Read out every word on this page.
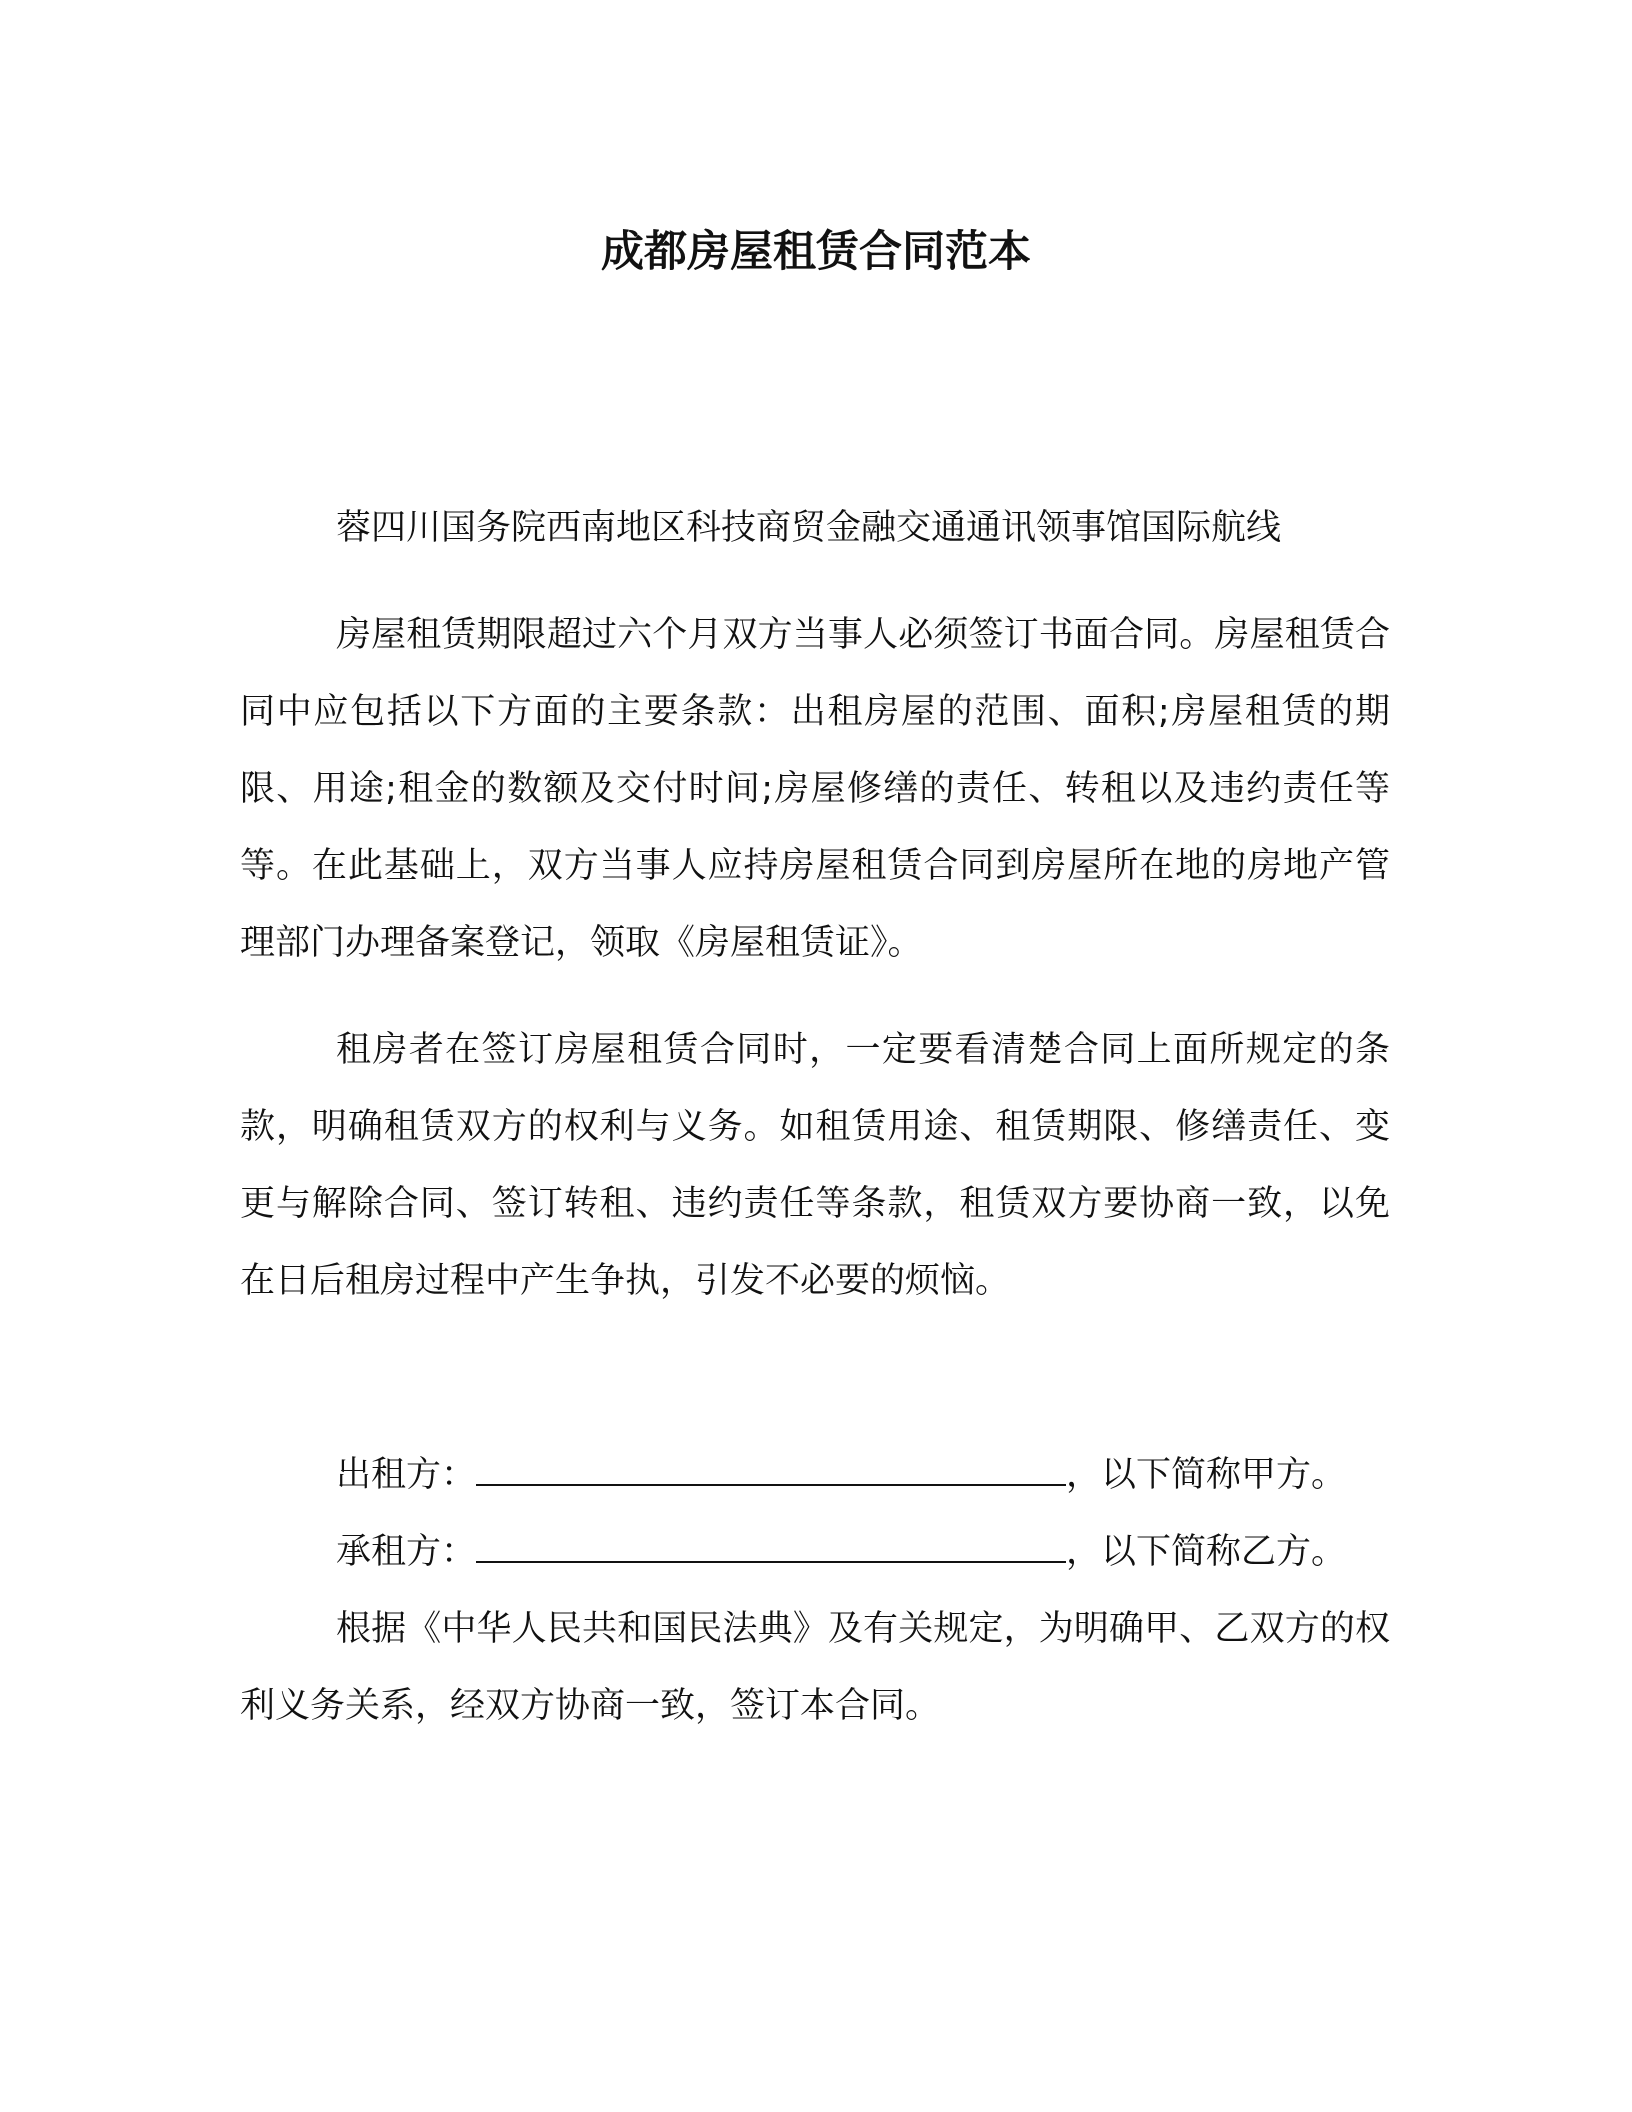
成都房屋租赁合同范本

蓉四川国务院西南地区科技商贸金融交通通讯领事馆国际航线

房屋租赁期限超过六个月双方当事人必须签订书面合同。房屋租赁合同中应包括以下方面的主要条款：出租房屋的范围、面积;房屋租赁的期限、用途;租金的数额及交付时间;房屋修缮的责任、转租以及违约责任等等。在此基础上，双方当事人应持房屋租赁合同到房屋所在地的房地产管理部门办理备案登记，领取《房屋租赁证》。

租房者在签订房屋租赁合同时，一定要看清楚合同上面所规定的条款，明确租赁双方的权利与义务。如租赁用途、租赁期限、修缮责任、变更与解除合同、签订转租、违约责任等条款，租赁双方要协商一致，以免在日后租房过程中产生争执，引发不必要的烦恼。

出租方：	，以下简称甲方。

承租方：	，以下简称乙方。

根据《中华人民共和国民法典》及有关规定，为明确甲、乙双方的权利义务关系，经双方协商一致，签订本合同。
